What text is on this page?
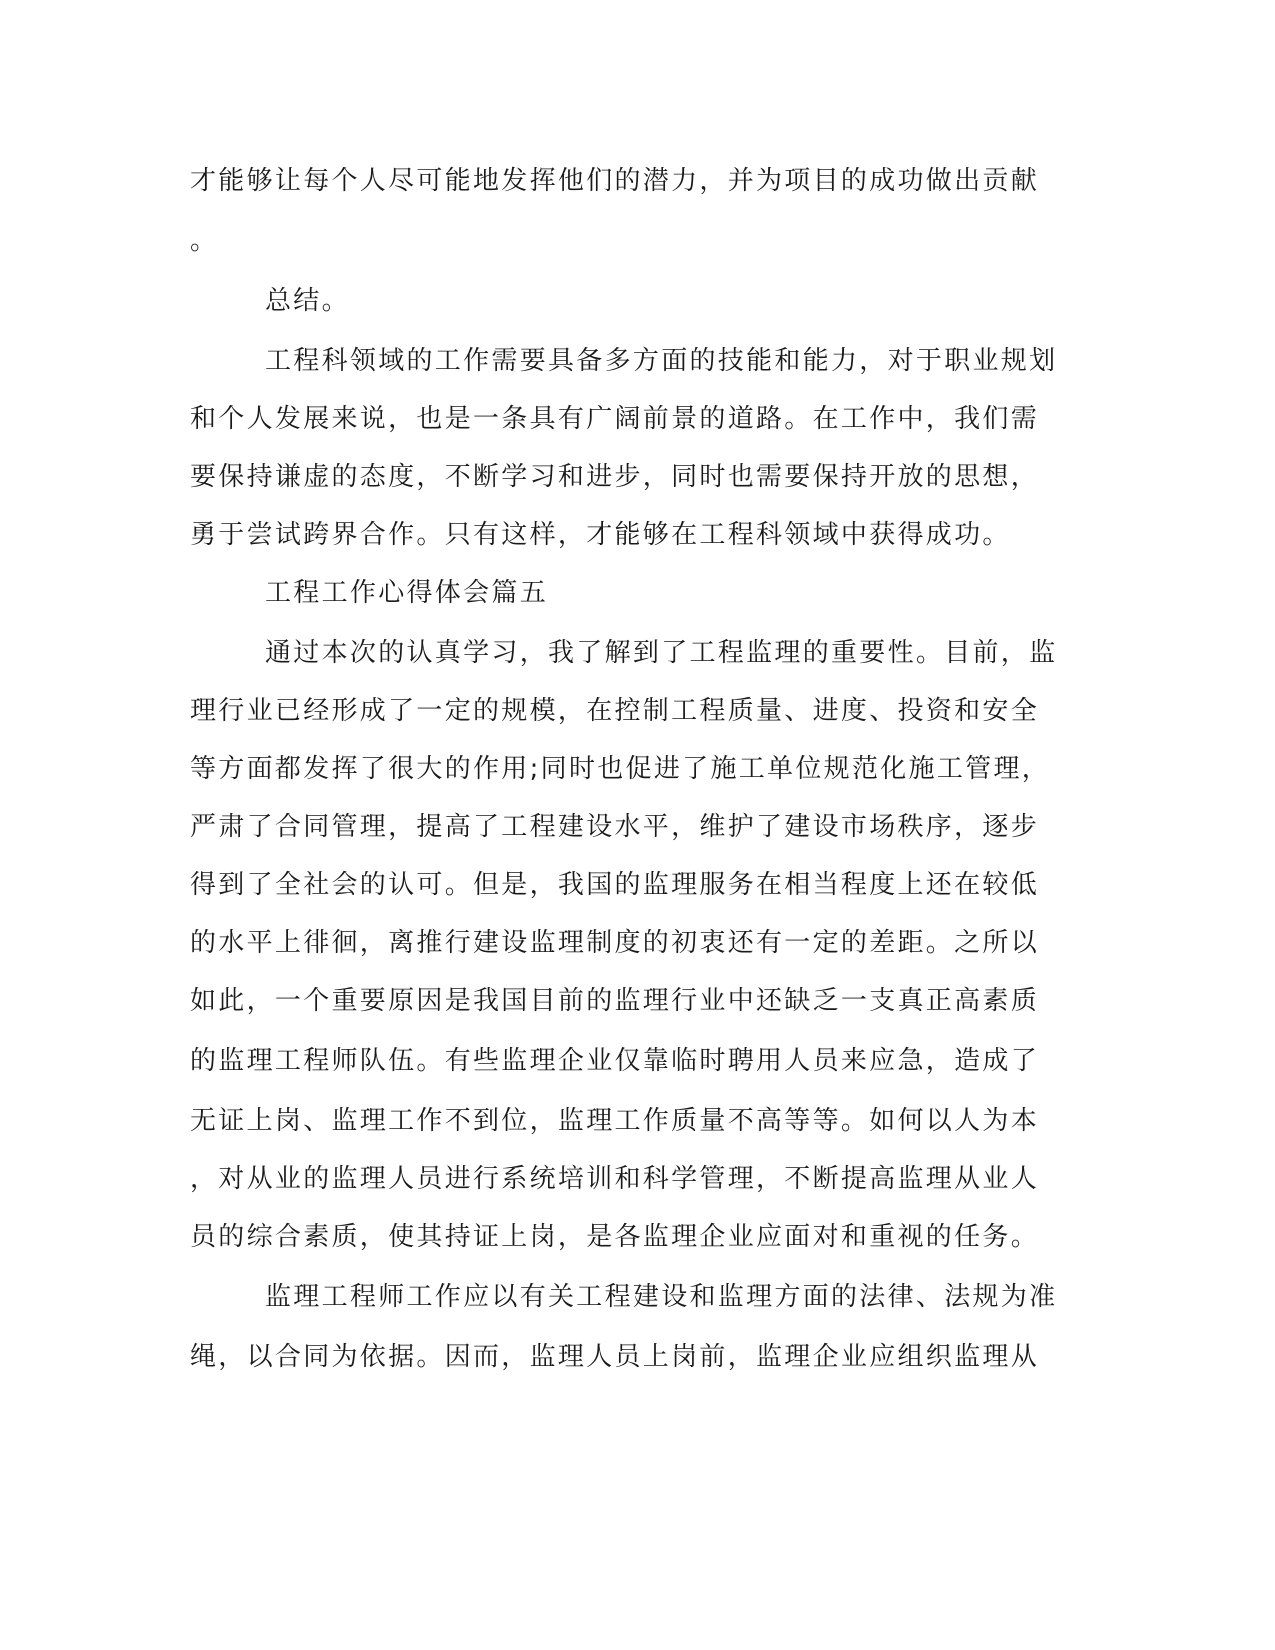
才能够让每个人尽可能地发挥他们的潜力，并为项目的成功做出贡献
。
总结。
工程科领域的工作需要具备多方面的技能和能力，对于职业规划
和个人发展来说，也是一条具有广阔前景的道路。在工作中，我们需
要保持谦虚的态度，不断学习和进步，同时也需要保持开放的思想，
勇于尝试跨界合作。只有这样，才能够在工程科领域中获得成功。
工程工作心得体会篇五
通过本次的认真学习，我了解到了工程监理的重要性。目前，监
理行业已经形成了一定的规模，在控制工程质量、进度、投资和安全
等方面都发挥了很大的作用;同时也促进了施工单位规范化施工管理，
严肃了合同管理，提高了工程建设水平，维护了建设市场秩序，逐步
得到了全社会的认可。但是，我国的监理服务在相当程度上还在较低
的水平上徘徊，离推行建设监理制度的初衷还有一定的差距。之所以
如此，一个重要原因是我国目前的监理行业中还缺乏一支真正高素质
的监理工程师队伍。有些监理企业仅靠临时聘用人员来应急，造成了
无证上岗、监理工作不到位，监理工作质量不高等等。如何以人为本
，对从业的监理人员进行系统培训和科学管理，不断提高监理从业人
员的综合素质，使其持证上岗，是各监理企业应面对和重视的任务。
监理工程师工作应以有关工程建设和监理方面的法律、法规为准
绳，以合同为依据。因而，监理人员上岗前，监理企业应组织监理从
